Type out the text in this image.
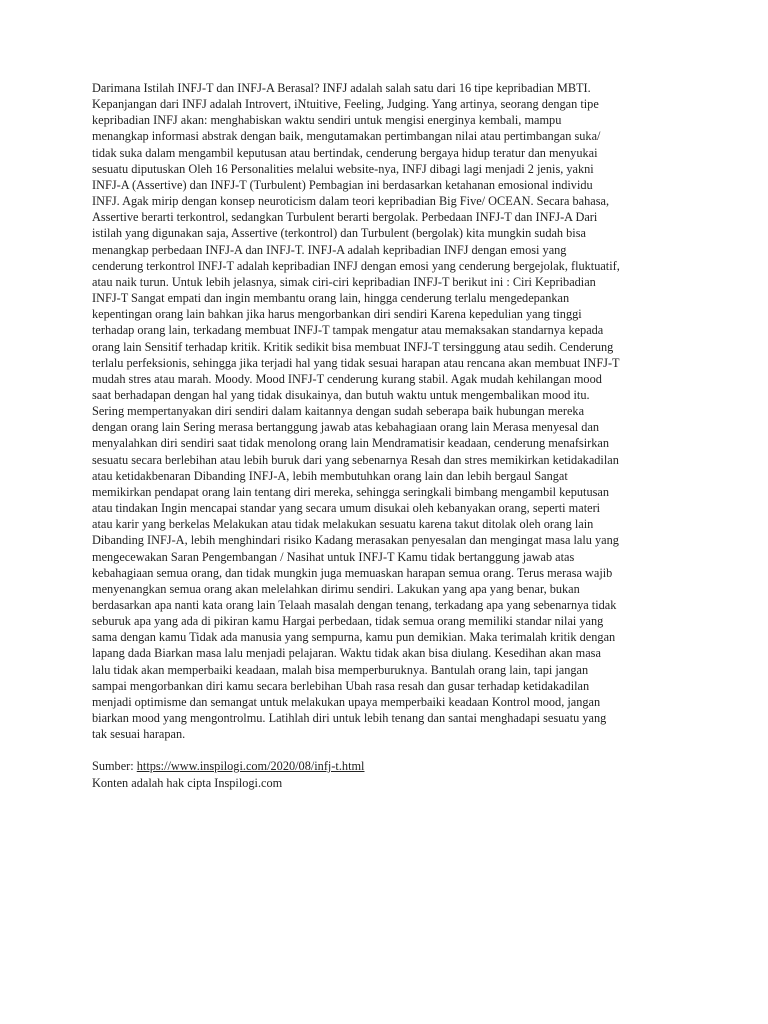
Darimana Istilah INFJ-T dan INFJ-A Berasal? INFJ adalah salah satu dari 16 tipe kepribadian MBTI.
Kepanjangan dari INFJ adalah Introvert, iNtuitive, Feeling, Judging. Yang artinya, seorang dengan tipe
kepribadian INFJ akan: menghabiskan waktu sendiri untuk mengisi energinya kembali, mampu
menangkap informasi abstrak dengan baik, mengutamakan pertimbangan nilai atau pertimbangan suka/
tidak suka dalam mengambil keputusan atau bertindak, cenderung bergaya hidup teratur dan menyukai
sesuatu diputuskan Oleh 16 Personalities melalui website-nya, INFJ dibagi lagi menjadi 2 jenis, yakni
INFJ-A (Assertive) dan INFJ-T (Turbulent) Pembagian ini berdasarkan ketahanan emosional individu
INFJ. Agak mirip dengan konsep neuroticism dalam teori kepribadian Big Five/ OCEAN. Secara bahasa,
Assertive berarti terkontrol, sedangkan Turbulent berarti bergolak. Perbedaan INFJ-T dan INFJ-A Dari
istilah yang digunakan saja, Assertive (terkontrol) dan Turbulent (bergolak) kita mungkin sudah bisa
menangkap perbedaan INFJ-A dan INFJ-T. INFJ-A adalah kepribadian INFJ dengan emosi yang
cenderung terkontrol INFJ-T adalah kepribadian INFJ dengan emosi yang cenderung bergejolak, fluktuatif,
atau naik turun. Untuk lebih jelasnya, simak ciri-ciri kepribadian INFJ-T berikut ini : Ciri Kepribadian
INFJ-T Sangat empati dan ingin membantu orang lain, hingga cenderung terlalu mengedepankan
kepentingan orang lain bahkan jika harus mengorbankan diri sendiri Karena kepedulian yang tinggi
terhadap orang lain, terkadang membuat INFJ-T tampak mengatur atau memaksakan standarnya kepada
orang lain Sensitif terhadap kritik. Kritik sedikit bisa membuat INFJ-T tersinggung atau sedih. Cenderung
terlalu perfeksionis, sehingga jika terjadi hal yang tidak sesuai harapan atau rencana akan membuat INFJ-T
mudah stres atau marah. Moody. Mood INFJ-T cenderung kurang stabil. Agak mudah kehilangan mood
saat berhadapan dengan hal yang tidak disukainya, dan butuh waktu untuk mengembalikan mood itu.
Sering mempertanyakan diri sendiri dalam kaitannya dengan sudah seberapa baik hubungan mereka
dengan orang lain Sering merasa bertanggung jawab atas kebahagiaan orang lain Merasa menyesal dan
menyalahkan diri sendiri saat tidak menolong orang lain Mendramatisir keadaan, cenderung menafsirkan
sesuatu secara berlebihan atau lebih buruk dari yang sebenarnya Resah dan stres memikirkan ketidakadilan
atau ketidakbenaran Dibanding INFJ-A, lebih membutuhkan orang lain dan lebih bergaul Sangat
memikirkan pendapat orang lain tentang diri mereka, sehingga seringkali bimbang mengambil keputusan
atau tindakan Ingin mencapai standar yang secara umum disukai oleh kebanyakan orang, seperti materi
atau karir yang berkelas Melakukan atau tidak melakukan sesuatu karena takut ditolak oleh orang lain
Dibanding INFJ-A, lebih menghindari risiko Kadang merasakan penyesalan dan mengingat masa lalu yang
mengecewakan Saran Pengembangan / Nasihat untuk INFJ-T Kamu tidak bertanggung jawab atas
kebahagiaan semua orang, dan tidak mungkin juga memuaskan harapan semua orang. Terus merasa wajib
menyenangkan semua orang akan melelahkan dirimu sendiri. Lakukan yang apa yang benar, bukan
berdasarkan apa nanti kata orang lain Telaah masalah dengan tenang, terkadang apa yang sebenarnya tidak
seburuk apa yang ada di pikiran kamu Hargai perbedaan, tidak semua orang memiliki standar nilai yang
sama dengan kamu Tidak ada manusia yang sempurna, kamu pun demikian. Maka terimalah kritik dengan
lapang dada Biarkan masa lalu menjadi pelajaran. Waktu tidak akan bisa diulang. Kesedihan akan masa
lalu tidak akan memperbaiki keadaan, malah bisa memperburuknya. Bantulah orang lain, tapi jangan
sampai mengorbankan diri kamu secara berlebihan Ubah rasa resah dan gusar terhadap ketidakadilan
menjadi optimisme dan semangat untuk melakukan upaya memperbaiki keadaan Kontrol mood, jangan
biarkan mood yang mengontrolmu. Latihlah diri untuk lebih tenang dan santai menghadapi sesuatu yang
tak sesuai harapan.
Sumber: https://www.inspilogi.com/2020/08/infj-t.html
Konten adalah hak cipta Inspilogi.com
